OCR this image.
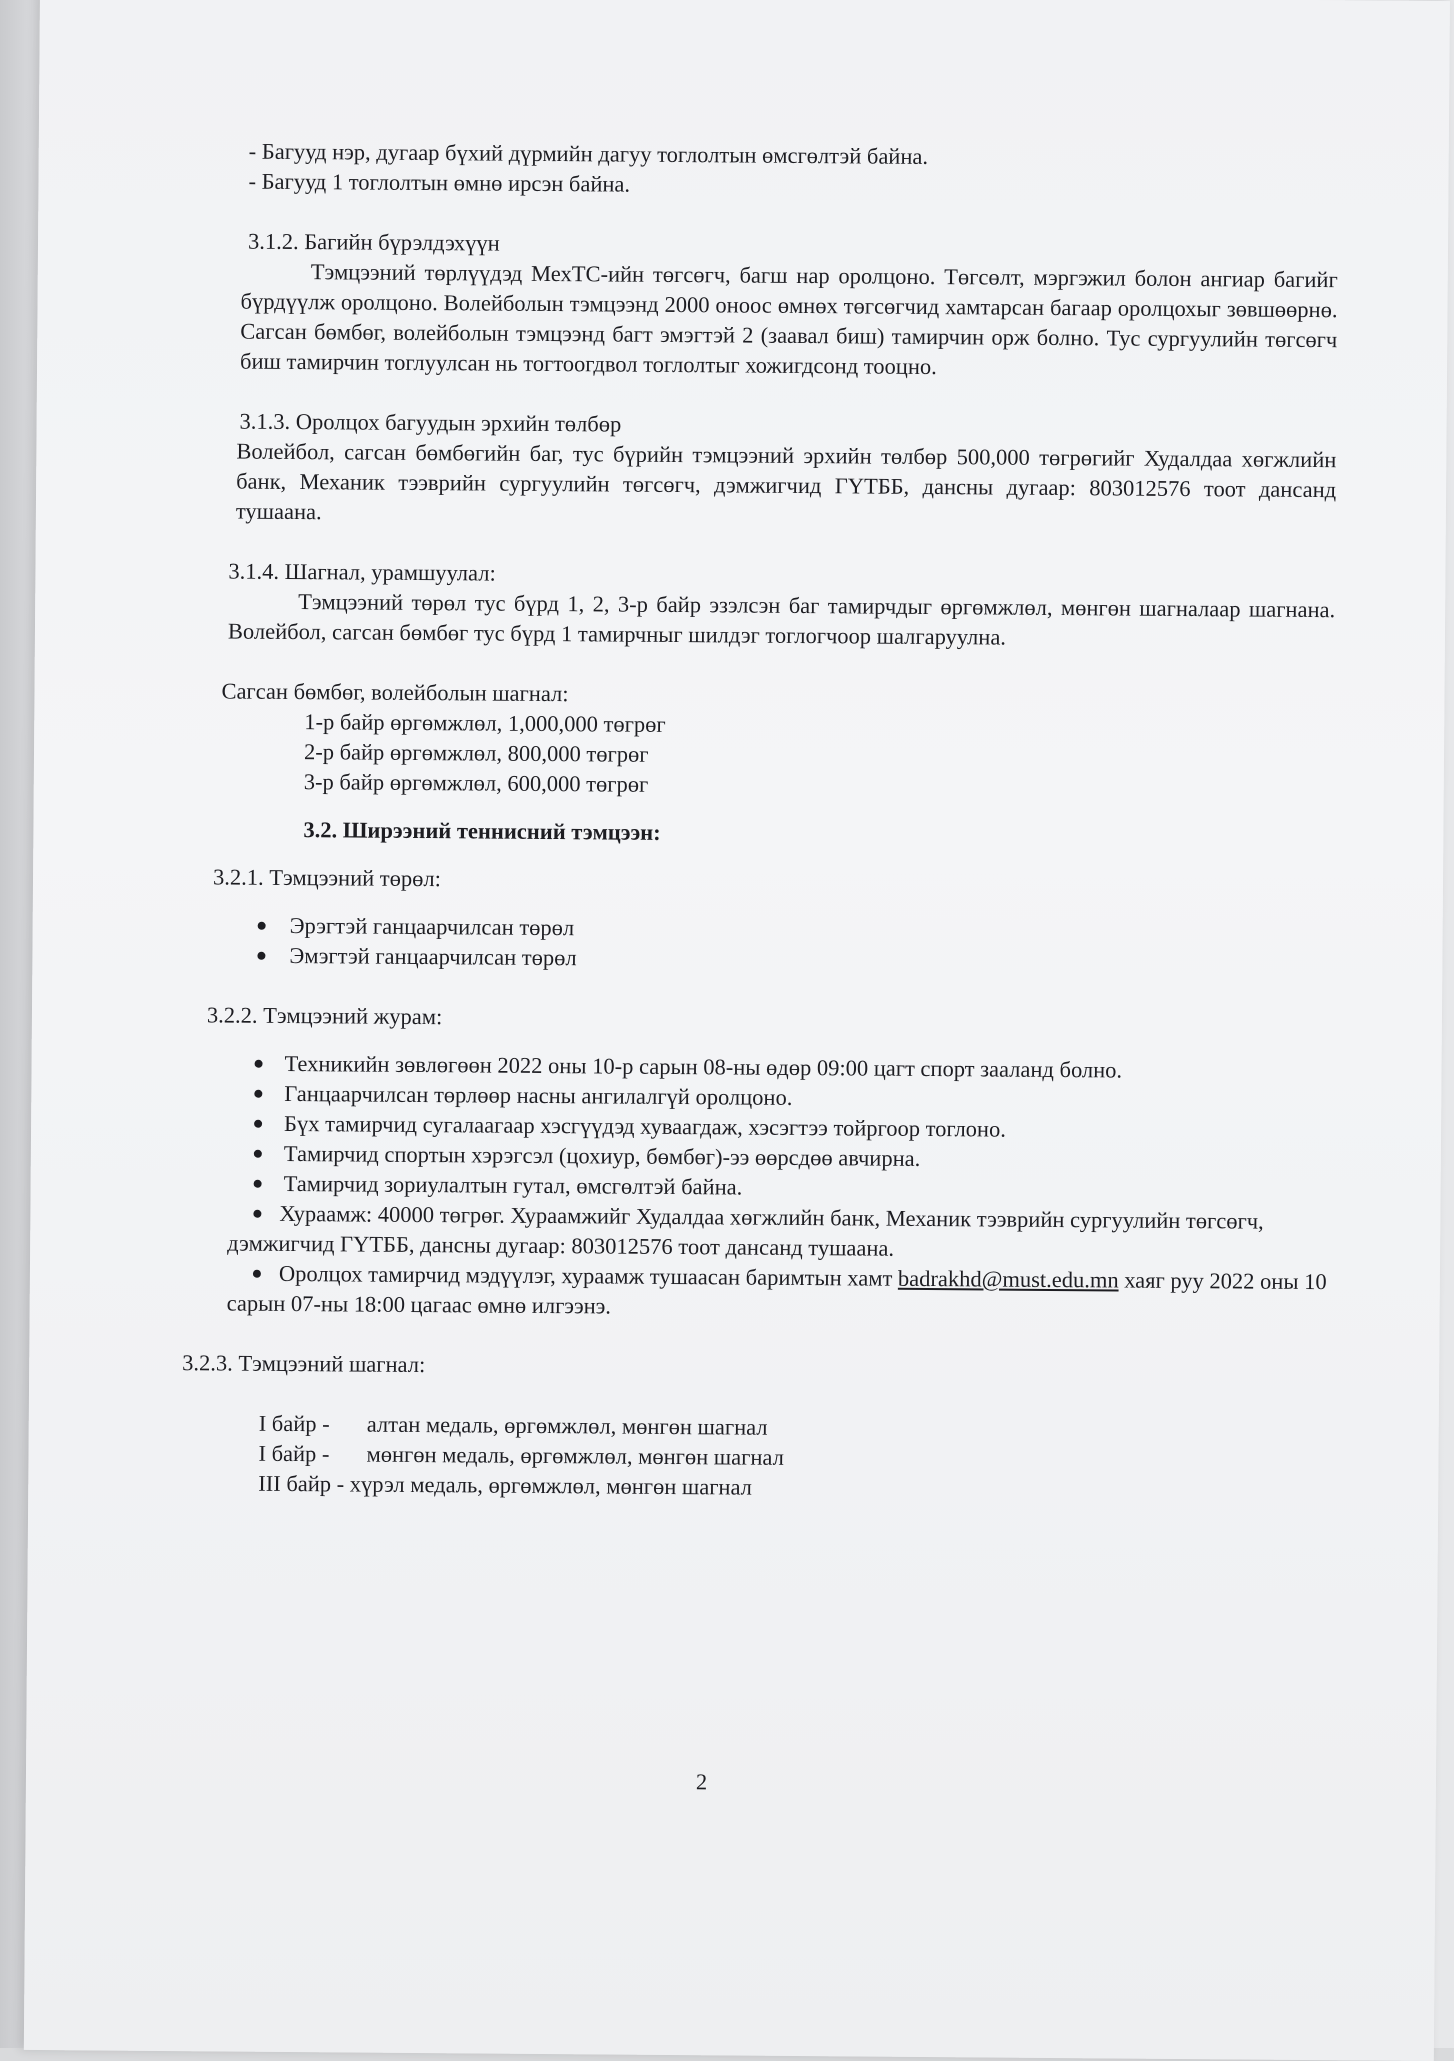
- Багууд нэр, дугаар бүхий дүрмийн дагуу тоглолтын өмсгөлтэй байна.

- Багууд 1 тоглолтын өмнө ирсэн байна.

3.1.2. Багийн бүрэлдэхүүн

Тэмцээний төрлүүдэд МехТС-ийн төгсөгч, багш нар оролцоно. Төгсөлт, мэргэжил болон ангиар багийг бүрдүүлж оролцоно. Волейболын тэмцээнд 2000 оноос өмнөх төгсөгчид хамтарсан багаар оролцохыг зөвшөөрнө. Сагсан бөмбөг, волейболын тэмцээнд багт эмэгтэй 2 (заавал биш) тамирчин орж болно. Тус сургуулийн төгсөгч биш тамирчин тоглуулсан нь тогтоогдвол тоглолтыг хожигдсонд тооцно.

3.1.3. Оролцох багуудын эрхийн төлбөр

Волейбол, сагсан бөмбөгийн баг, тус бүрийн тэмцээний эрхийн төлбөр 500,000 төгрөгийг Худалдаа хөгжлийн банк, Механик тээврийн сургуулийн төгсөгч, дэмжигчид ГҮТББ, дансны дугаар: 803012576 тоот дансанд тушаана.

3.1.4. Шагнал, урамшуулал:

Тэмцээний төрөл тус бүрд 1, 2, 3-р байр эзэлсэн баг тамирчдыг өргөмжлөл, мөнгөн шагналаар шагнана. Волейбол, сагсан бөмбөг тус бүрд 1 тамирчныг шилдэг тоглогчоор шалгаруулна.

Сагсан бөмбөг, волейболын шагнал:

1-р байр өргөмжлөл, 1,000,000 төгрөг

2-р байр өргөмжлөл, 800,000 төгрөг

3-р байр өргөмжлөл, 600,000 төгрөг

3.2. Ширээний теннисний тэмцээн:

3.2.1. Тэмцээний төрөл:

Эрэгтэй ганцаарчилсан төрөл
Эмэгтэй ганцаарчилсан төрөл

3.2.2. Тэмцээний журам:

Техникийн зөвлөгөөн 2022 оны 10-р сарын 08-ны өдөр 09:00 цагт спорт зааланд болно.
Ганцаарчилсан төрлөөр насны ангилалгүй оролцоно.
Бүх тамирчид сугалаагаар хэсгүүдэд хуваагдаж, хэсэгтээ тойргоор тоглоно.
Тамирчид спортын хэрэгсэл (цохиур, бөмбөг)-ээ өөрсдөө авчирна.
Тамирчид зориулалтын гутал, өмсгөлтэй байна.
Хураамж: 40000 төгрөг. Хураамжийг Худалдаа хөгжлийн банк, Механик тээврийн сургуулийн төгсөгч, дэмжигчид ГҮТББ, дансны дугаар: 803012576 тоот дансанд тушаана.
Оролцох тамирчид мэдүүлэг, хураамж тушаасан баримтын хамт badrakhd@must.edu.mn хаяг руу 2022 оны 10 сарын 07-ны 18:00 цагаас өмнө илгээнэ.

3.2.3. Тэмцээний шагнал:

I байр -	алтан медаль, өргөмжлөл, мөнгөн шагнал
I байр -	мөнгөн медаль, өргөмжлөл, мөнгөн шагнал
III байр -
хүрэл медаль, өргөмжлөл, мөнгөн шагнал
2
